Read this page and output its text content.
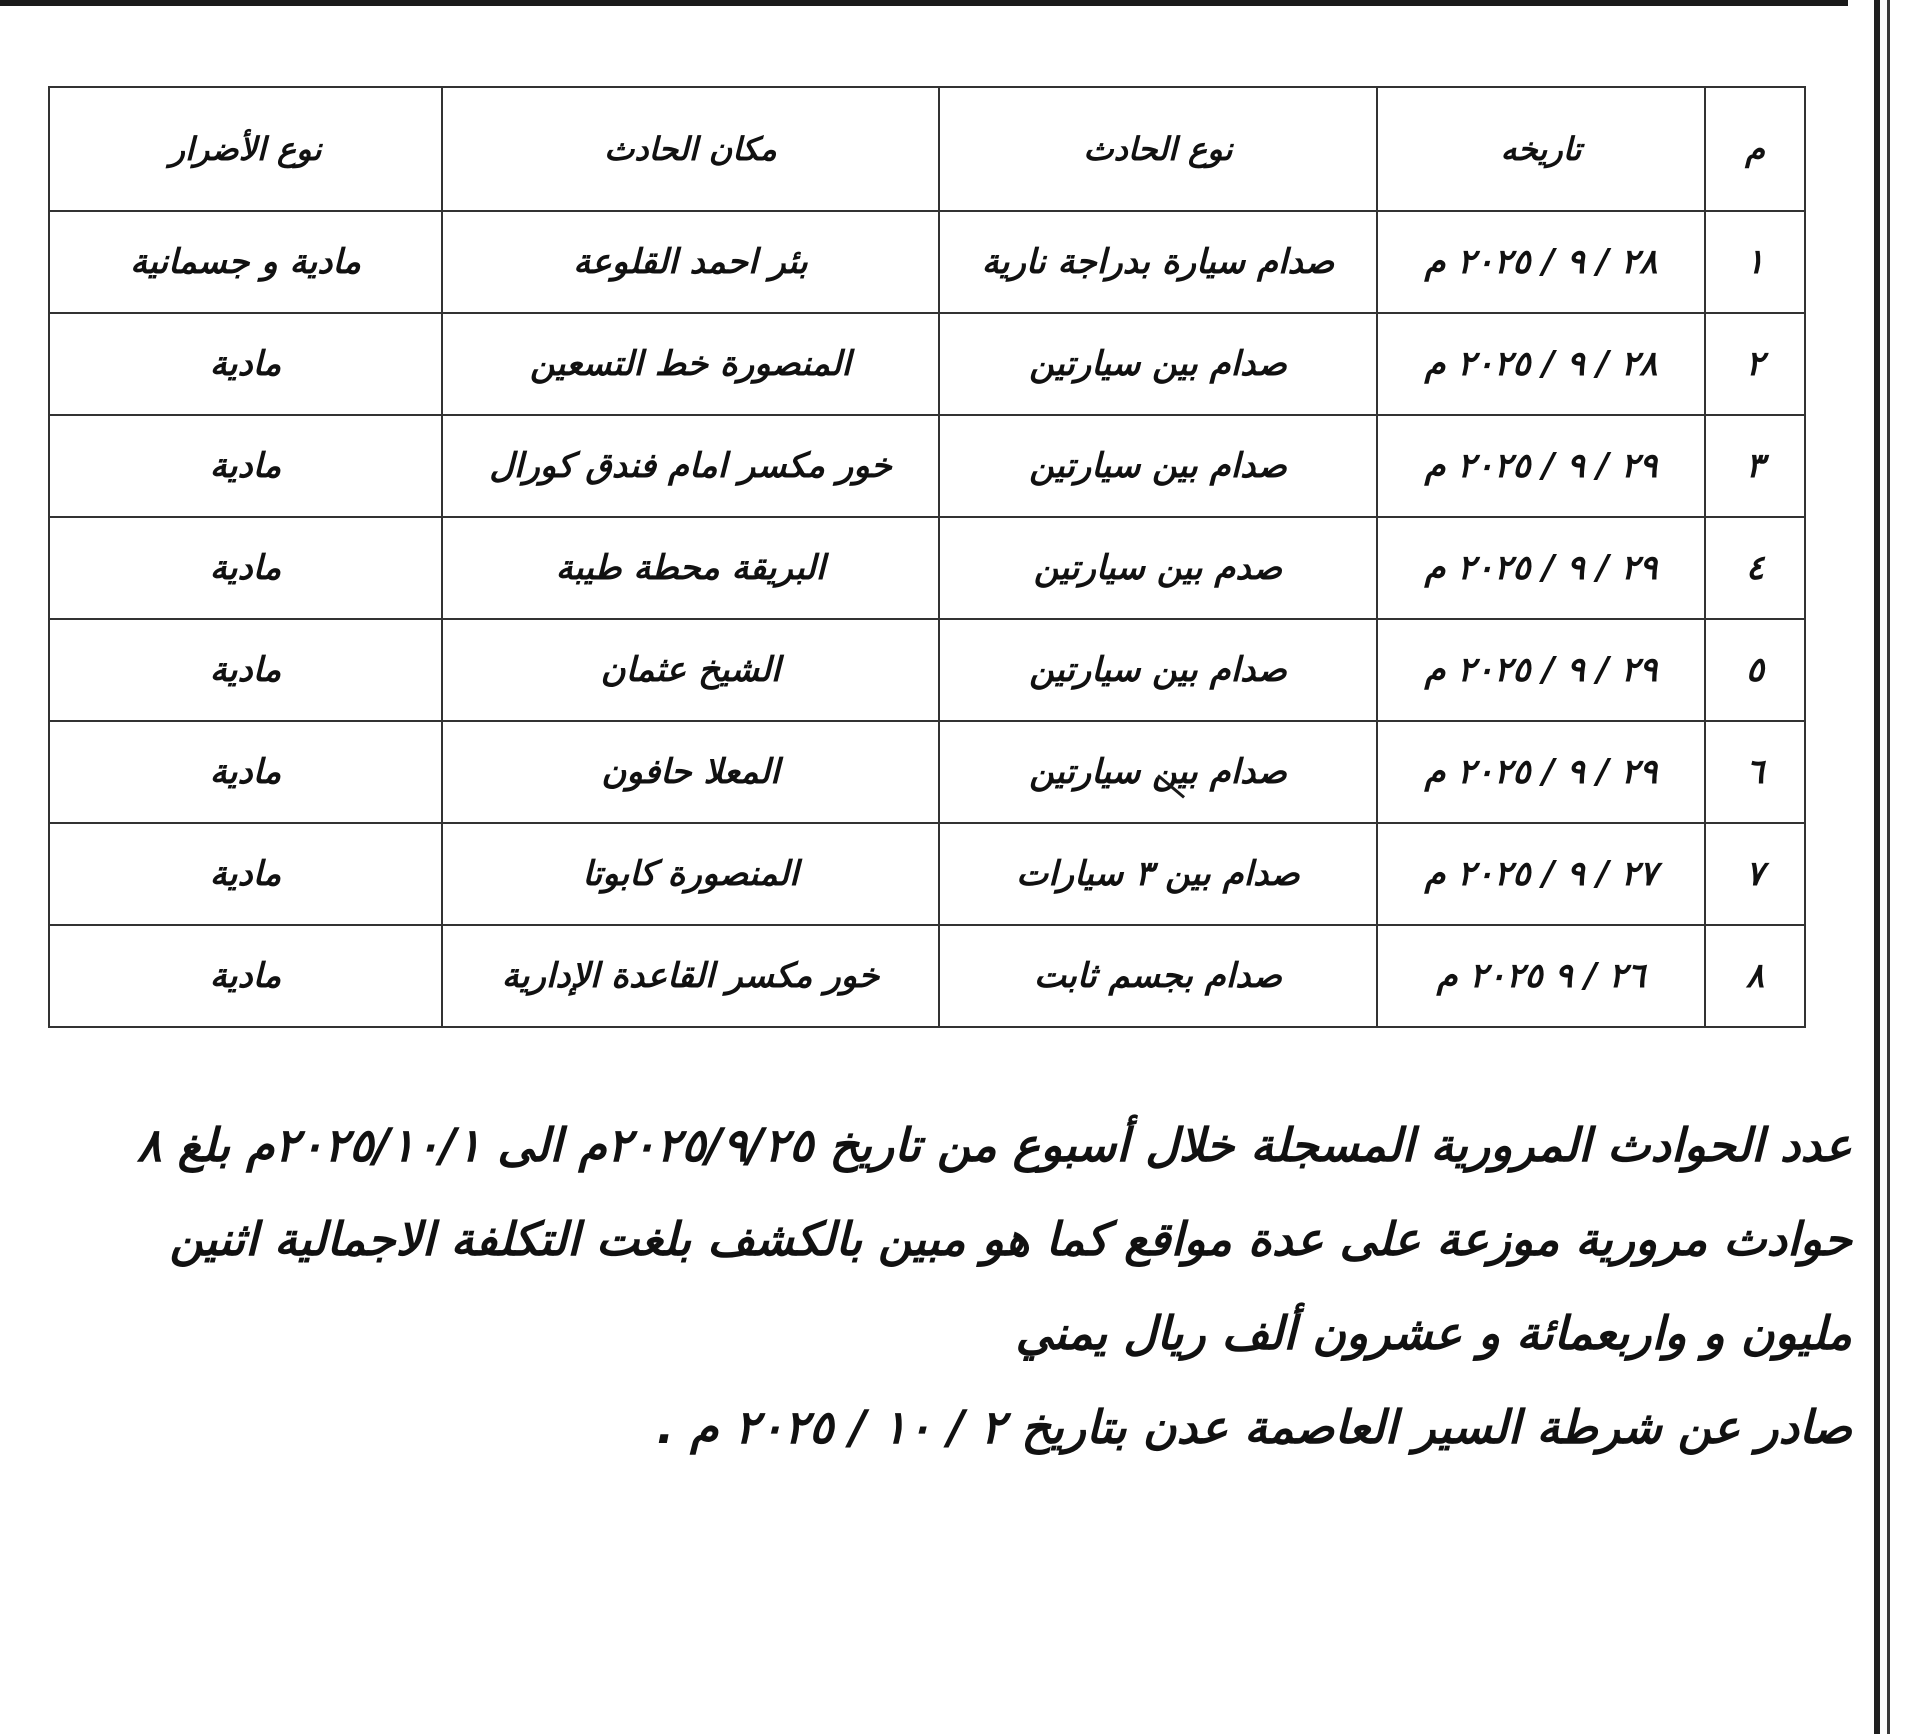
م	تاريخه	نوع الحادث	مكان الحادث	نوع الأضرار
١	٢٨ / ٩ / ٢٠٢٥ م	صدام سيارة بدراجة نارية	بئر احمد القلوعة	مادية و جسمانية
٢	٢٨ / ٩ / ٢٠٢٥ م	صدام بين سيارتين	المنصورة خط التسعين	مادية
٣	٢٩ / ٩ / ٢٠٢٥ م	صدام بين سيارتين	خور مكسر امام فندق كورال	مادية
٤	٢٩ / ٩ / ٢٠٢٥ م	صدم بين سيارتين	البريقة محطة طيبة	مادية
٥	٢٩ / ٩ / ٢٠٢٥ م	صدام بين سيارتين	الشيخ عثمان	مادية
٦	٢٩ / ٩ / ٢٠٢٥ م	صدام بين سيارتين	المعلا حافون	مادية
٧	٢٧ / ٩ / ٢٠٢٥ م	صدام بين ٣ سيارات	المنصورة كابوتا	مادية
٨	٢٦ / ٩ ٢٠٢٥ م	صدام بجسم ثابت	خور مكسر القاعدة الإدارية	مادية
عدد الحوادث المرورية المسجلة خلال أسبوع من تاريخ ٢٠٢٥/٩/٢٥م الى ٢٠٢٥/١٠/١م بلغ ٨
حوادث مرورية موزعة على عدة مواقع كما هو مبين بالكشف بلغت التكلفة الاجمالية اثنين
مليون و واربعمائة و عشرون ألف ريال يمني
صادر عن شرطة السير العاصمة عدن بتاريخ ٢ / ١٠ / ٢٠٢٥ م .
